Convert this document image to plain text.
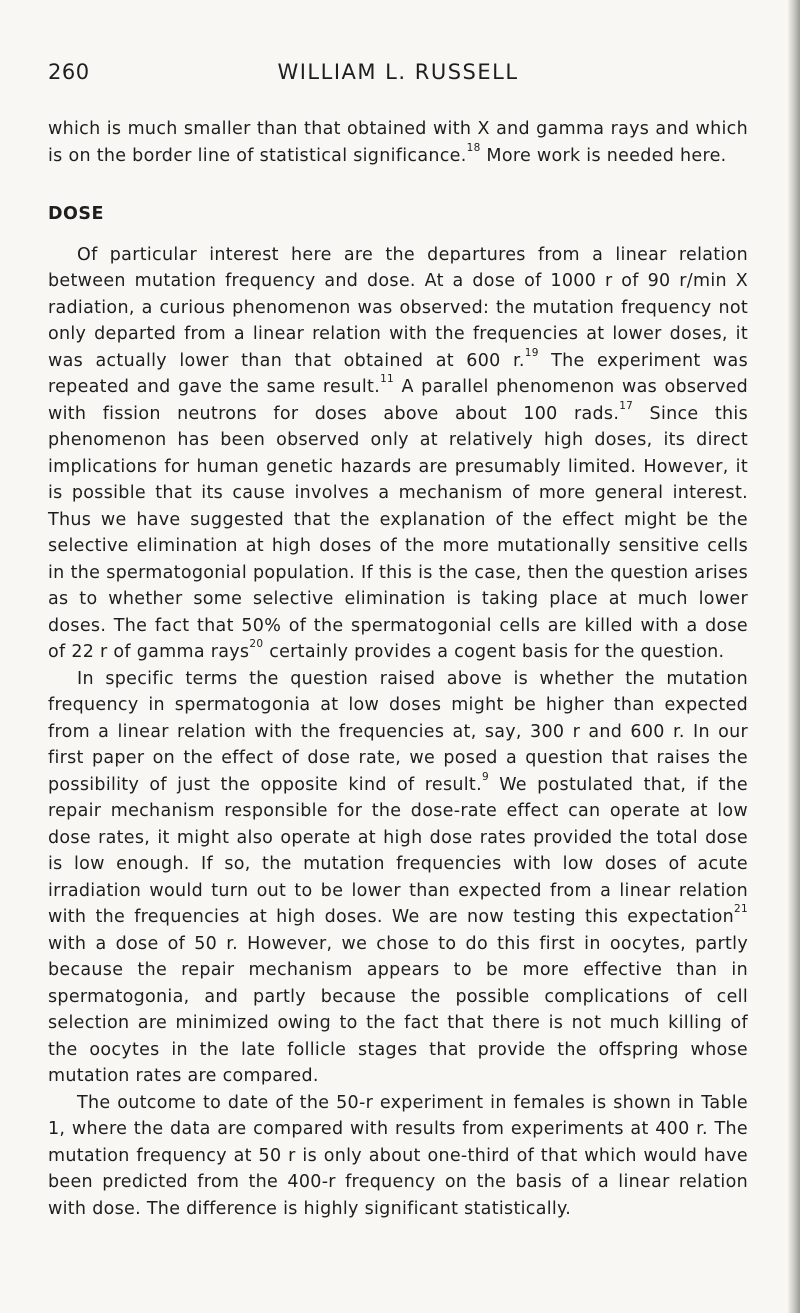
260	WILLIAM L. RUSSELL

which is much smaller than that obtained with X and gamma rays and which is on the border line of statistical significance.$^{18}$ More work is needed here.

DOSE

Of particular interest here are the departures from a linear relation between mutation frequency and dose. At a dose of 1000 r of 90 r/min X radiation, a curious phenomenon was observed: the mutation frequency not only departed from a linear relation with the frequencies at lower doses, it was actually lower than that obtained at 600 r.$^{19}$ The experiment was repeated and gave the same result.$^{11}$ A parallel phenomenon was observed with fission neutrons for doses above about 100 rads.$^{17}$ Since this phenomenon has been observed only at relatively high doses, its direct implications for human genetic hazards are presumably limited. However, it is possible that its cause involves a mechanism of more general interest. Thus we have suggested that the explanation of the effect might be the selective elimination at high doses of the more mutationally sensitive cells in the spermatogonial population. If this is the case, then the question arises as to whether some selective elimination is taking place at much lower doses. The fact that 50% of the spermatogonial cells are killed with a dose of 22 r of gamma rays$^{20}$ certainly provides a cogent basis for the question.

In specific terms the question raised above is whether the mutation frequency in spermatogonia at low doses might be higher than expected from a linear relation with the frequencies at, say, 300 r and 600 r. In our first paper on the effect of dose rate, we posed a question that raises the possibility of just the opposite kind of result.$^9$ We postulated that, if the repair mechanism responsible for the dose-rate effect can operate at low dose rates, it might also operate at high dose rates provided the total dose is low enough. If so, the mutation frequencies with low doses of acute irradiation would turn out to be lower than expected from a linear relation with the frequencies at high doses. We are now testing this expectation$^{21}$ with a dose of 50 r. However, we chose to do this first in oocytes, partly because the repair mechanism appears to be more effective than in spermatogonia, and partly because the possible complications of cell selection are minimized owing to the fact that there is not much killing of the oocytes in the late follicle stages that provide the offspring whose mutation rates are compared.

The outcome to date of the 50-r experiment in females is shown in Table 1, where the data are compared with results from experiments at 400 r. The mutation frequency at 50 r is only about one-third of that which would have been predicted from the 400-r frequency on the basis of a linear relation with dose. The difference is highly significant statistically.
